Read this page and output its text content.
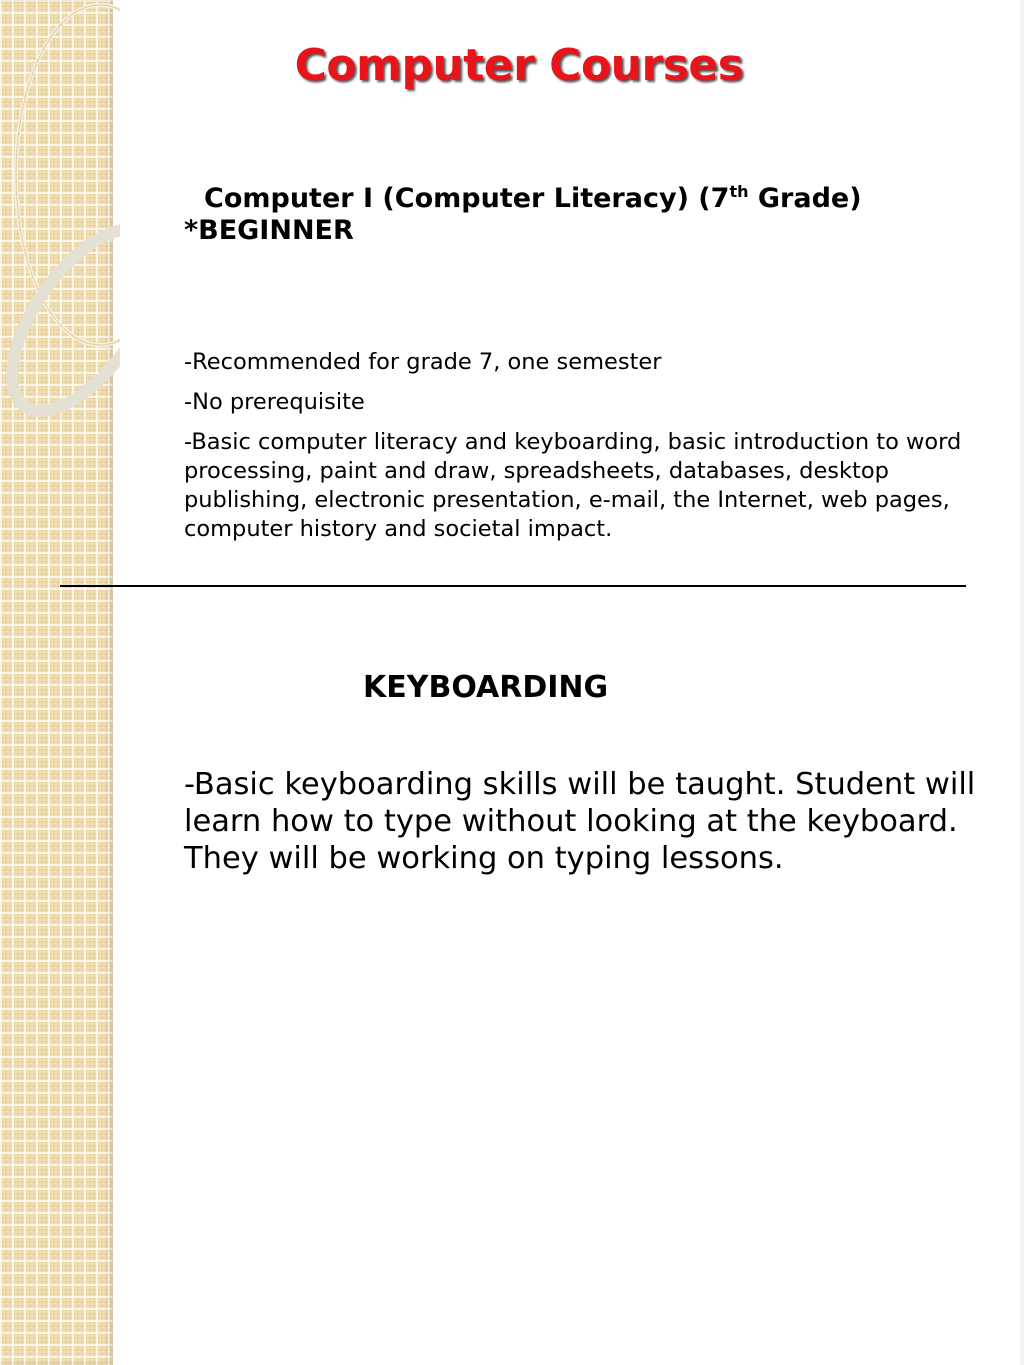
Computer Courses
Computer I (Computer Literacy) (7th Grade)
*BEGINNER

-Recommended for grade 7, one semester

-No prerequisite

-Basic computer literacy and keyboarding, basic introduction to word processing, paint and draw, spreadsheets, databases, desktop publishing, electronic presentation, e-mail, the Internet, web pages, computer history and societal impact.

KEYBOARDING
-Basic keyboarding skills will be taught. Student will learn how to type without looking at the keyboard. They will be working on typing lessons.
